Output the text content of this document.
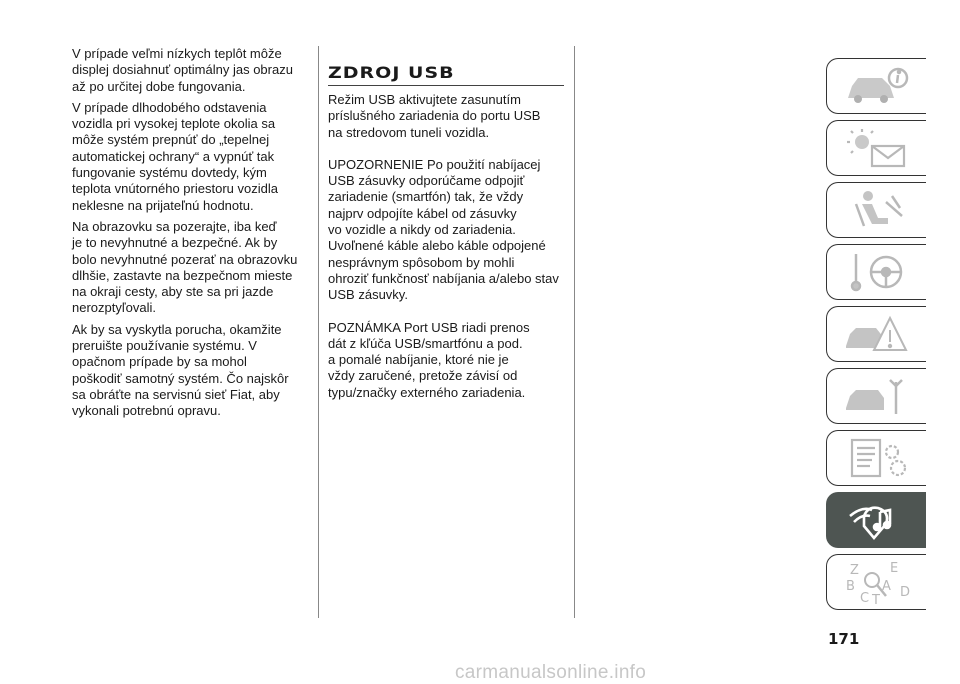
V prípade veľmi nízkych teplôt môže
displej dosiahnuť optimálny jas obrazu
až po určitej dobe fungovania.

V prípade dlhodobého odstavenia
vozidla pri vysokej teplote okolia sa
môže systém prepnúť do „tepelnej
automatickej ochrany“ a vypnúť tak
fungovanie systému dovtedy, kým
teplota vnútorného priestoru vozidla
neklesne na prijateľnú hodnotu.

Na obrazovku sa pozerajte, iba keď
je to nevyhnutné a bezpečné. Ak by
bolo nevyhnutné pozerať na obrazovku
dlhšie, zastavte na bezpečnom mieste
na okraji cesty, aby ste sa pri jazde
nerozptyľovali.

Ak by sa vyskytla porucha, okamžite
preruište používanie systému. V
opačnom prípade by sa mohol
poškodiť samotný systém. Čo najskôr
sa obráťte na servisnú sieť Fiat, aby
vykonali potrebnú opravu.

ZDROJ USB

Režim USB aktivujtete zasunutím
príslušného zariadenia do portu USB
na stredovom tuneli vozidla.

UPOZORNENIE Po použití nabíjacej
USB zásuvky odporúčame odpojiť
zariadenie (smartfón) tak, že vždy
najprv odpojíte kábel od zásuvky
vo vozidle a nikdy od zariadenia.
Uvoľnené káble alebo káble odpojené
nesprávnym spôsobom by mohli
ohroziť funkčnosť nabíjania a/alebo stav
USB zásuvky.

POZNÁMKA Port USB riadi prenos
dát z kľúča USB/smartfónu a pod.
a pomalé nabíjanie, ktoré nie je
vždy zaručené, pretože závisí od
typu/značky externého zariadenia.

Z E
B A
C D
T
171
carmanualsonline.info
